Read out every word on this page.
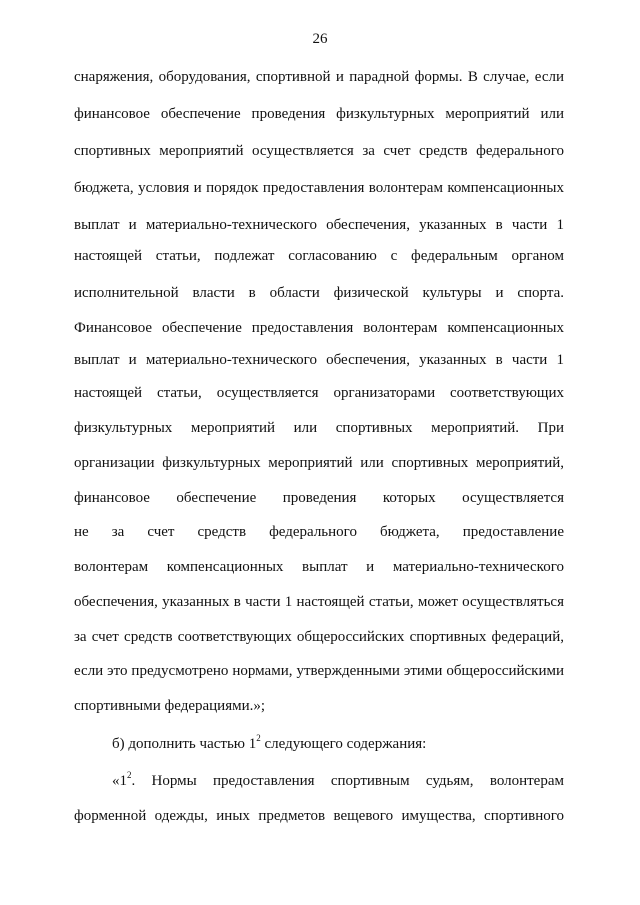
26
снаряжения, оборудования, спортивной и парадной формы. В случае, если
финансовое обеспечение проведения физкультурных мероприятий или
спортивных мероприятий осуществляется за счет средств федерального
бюджета, условия и порядок предоставления волонтерам компенсационных
выплат и материально-технического обеспечения, указанных в части 1
настоящей статьи, подлежат согласованию с федеральным органом
исполнительной власти в области физической культуры и спорта.
Финансовое обеспечение предоставления волонтерам компенсационных
выплат и материально-технического обеспечения, указанных в части 1
настоящей статьи, осуществляется организаторами соответствующих
физкультурных мероприятий или спортивных мероприятий. При
организации физкультурных мероприятий или спортивных мероприятий,
финансовое обеспечение проведения которых осуществляется
не за счет средств федерального бюджета, предоставление
волонтерам компенсационных выплат и материально-технического
обеспечения, указанных в части 1 настоящей статьи, может осуществляться
за счет средств соответствующих общероссийских спортивных федераций,
если это предусмотрено нормами, утвержденными этими общероссийскими
спортивными федерациями.»;
б) дополнить частью $1^2$ следующего содержания:
«$1^2$. Нормы предоставления спортивным судьям, волонтерам
форменной одежды, иных предметов вещевого имущества, спортивного
